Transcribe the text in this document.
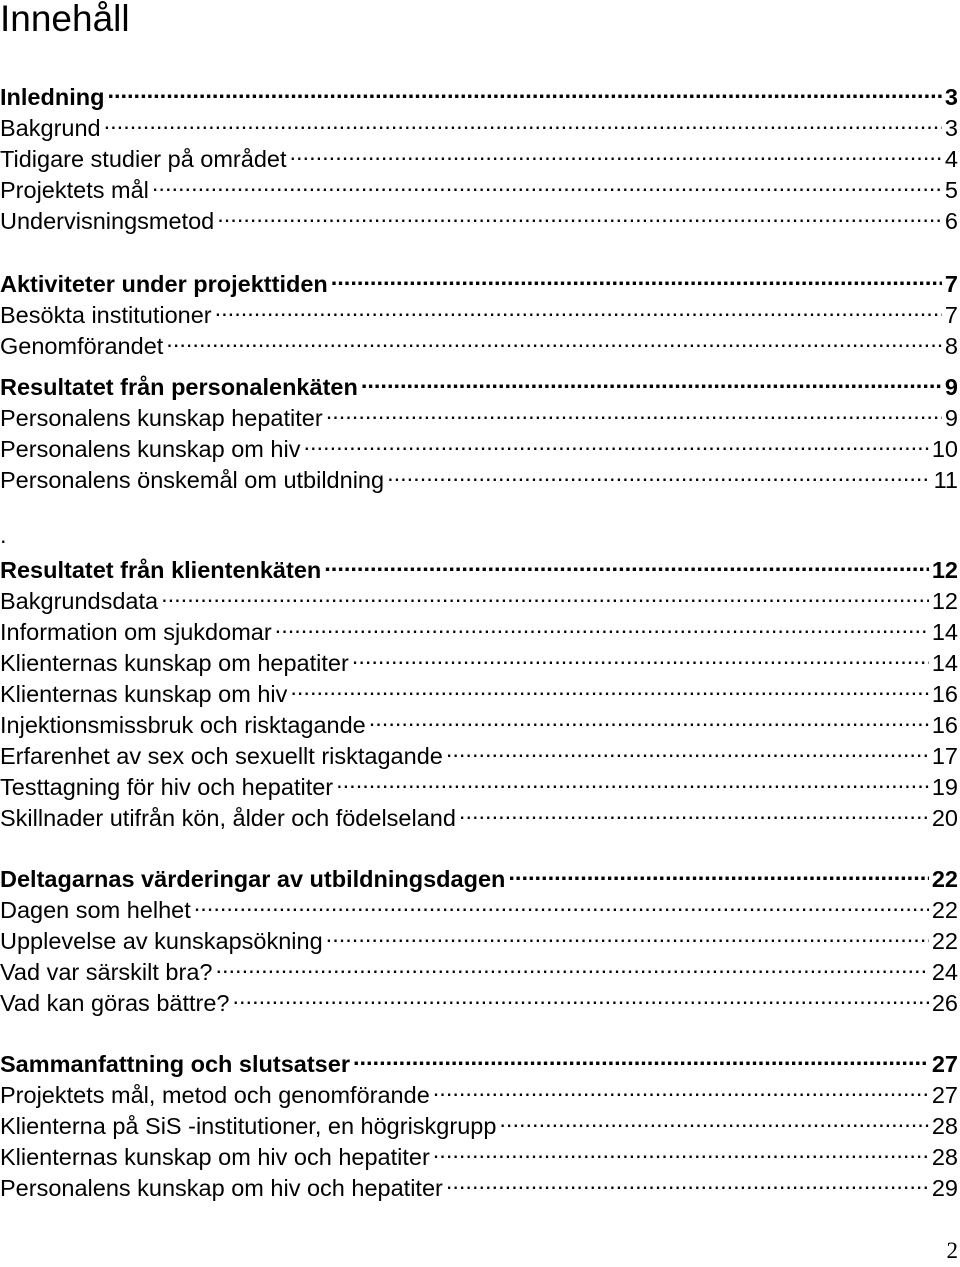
Innehåll
Inledning .....	3
Bakgrund .....	3
Tidigare studier på området .....	4
Projektets mål .....	5
Undervisningsmetod .....	6
Aktiviteter under projekttiden .....	7
Besökta institutioner .....	7
Genomförandet .....	8
Resultatet från personalenkäten .....	9
Personalens kunskap hepatiter .....	9
Personalens kunskap om hiv .....	10
Personalens önskemål om utbildning .....	11
.
Resultatet från klientenkäten .....	12
Bakgrundsdata .....	12
Information om sjukdomar .....	14
Klienternas kunskap om hepatiter .....	14
Klienternas kunskap om hiv .....	16
Injektionsmissbruk och risktagande .....	16
Erfarenhet av sex och sexuellt risktagande .....	17
Testtagning för hiv och hepatiter .....	19
Skillnader utifrån kön, ålder och födelseland .....	20
Deltagarnas värderingar av utbildningsdagen .....	22
Dagen som helhet .....	22
Upplevelse av kunskapsökning .....	22
Vad var särskilt bra? .....	24
Vad kan göras bättre? .....	26
Sammanfattning och slutsatser .....	27
Projektets mål, metod och genomförande .....	27
Klienterna på SiS -institutioner, en högriskgrupp .....	28
Klienternas kunskap om hiv och hepatiter .....	28
Personalens kunskap om hiv och hepatiter .....	29
2
